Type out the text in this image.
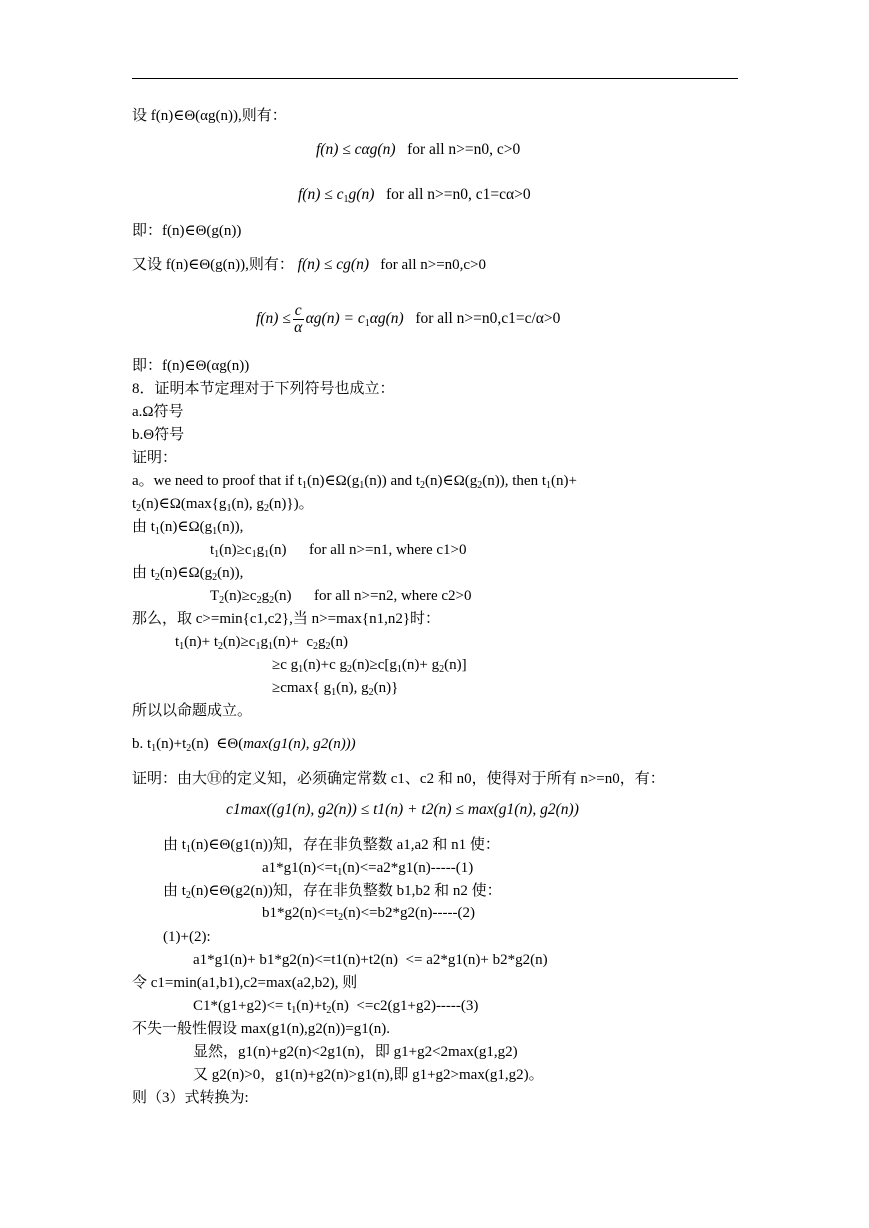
设 f(n)∈Θ(αg(n)),则有：
f(n) ≤ cαg(n) for all n>=n0, c>0
$f(n) \le c_1g(n)$ for all n>=n0, c1=cα>0
即：f(n)∈Θ(g(n))
又设 f(n)∈Θ(g(n)),则有： f(n) ≤ cg(n) for all n>=n0,c>0
$f(n) \le \frac{c}{\alpha} \alpha g(n) = c_1\alpha g(n)$ for all n>=n0,c1=c/α>0
即：f(n)∈Θ(αg(n))
8．证明本节定理对于下列符号也成立：
a.Ω符号
b.Θ符号
证明：
a。we need to proof that if $t_1(n)\in\Omega(g_1(n))$ and $t_2(n)\in\Omega(g_2(n))$, then $t_1(n)+$
$t_2(n)\in\Omega(\max\{g_1(n)$, $g_2(n)$})。
由 $t_1(n)\in\Omega(g_1(n))$,
$t_1(n)\ge c_1g_1(n)$      for all n>=n1, where c1>0
由 $t_2(n)\in\Omega(g_2(n))$,
$T_2(n)\ge c_2g_2(n)$      for all n>=n2, where c2>0
那么，取 c>=min{c1,c2},当 n>=max{n1,n2}时：
$t_1(n)+ t_2(n)\ge c_1g_1(n)+ c_2g_2(n)$
≥c $g_1(n)+c$ $g_2(n)\ge c[g_1(n)+ g_2(n)]$
≥cmax{ $g_1(n)$, $g_2(n)$}
所以以命题成立。
b. $t_1(n)+t_2(n)$  ∈Θ(max(g1(n), g2(n)))
证明：由大Ⓗ的定义知，必须确定常数 c1、c2 和 n0，使得对于所有 n>=n0，有：
c1max((g1(n), g2(n)) ≤ t1(n) + t2(n) ≤ max(g1(n), g2(n))
由 $t_1(n)\in\Theta(g1(n))$知，存在非负整数 a1,a2 和 n1 使：
$a1*g1(n)<=t_1(n)<=a2*g1(n)-----(1)$
由 $t_2(n)\in\Theta(g2(n))$知，存在非负整数 b1,b2 和 n2 使：
$b1*g2(n)<=t_2(n)<=b2*g2(n)-----(2)$
(1)+(2):
a1*g1(n)+ b1*g2(n)<=t1(n)+t2(n)  <= a2*g1(n)+ b2*g2(n)
令 c1=min(a1,b1),c2=max(a2,b2), 则
$C1*(g1+g2)<= t_1(n)+t_2(n) <=c2(g1+g2)-----(3)$
不失一般性假设 max(g1(n),g2(n))=g1(n).
显然，g1(n)+g2(n)<2g1(n)，即 g1+g2<2max(g1,g2)
又 g2(n)>0，g1(n)+g2(n)>g1(n),即 g1+g2>max(g1,g2)。
则（3）式转换为:
